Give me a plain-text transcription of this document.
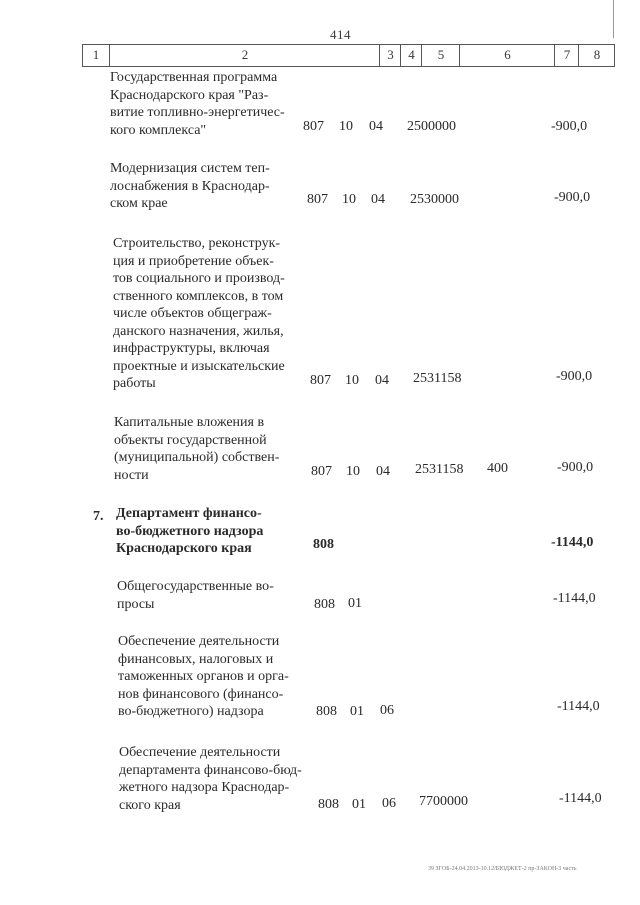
414
1	2	3	4	5	6	7	8
Государственная программа
Краснодарского края "Раз-
витие топливно-энергетичес-
кого комплекса"	807 10 04 2500000	-900,0
Модернизация систем теп-
лоснабжения в Краснодар-
ском крае	807 10 04 2530000	-900,0
Строительство, реконструк-
ция и приобретение объек-
тов социального и производ-
ственного комплексов, в том
числе объектов общеграж-
данского назначения, жилья,
инфраструктуры, включая
проектные и изыскательские
работы	807 10 04 2531158	-900,0
Капитальные вложения в
объекты государственной
(муниципальной) собствен-
ности	807 10 04 2531158 400	-900,0
7. Департамент финансо-
во-бюджетного надзора
Краснодарского края	808	-1144,0
Общегосударственные во-
просы	808 01	-1144,0
Обеспечение деятельности
финансовых, налоговых и
таможенных органов и орга-
нов финансового (финансо-
во-бюджетного) надзора	808 01 06	-1144,0
Обеспечение деятельности
департамента финансово-бюд-
жетного надзора Краснодар-
ского края	808 01 06 7700000	-1144,0
39 ЗГОБ-24.04.2013-10.12/БЮДЖЕТ-2 пр-ЗАКОН-3 часть
